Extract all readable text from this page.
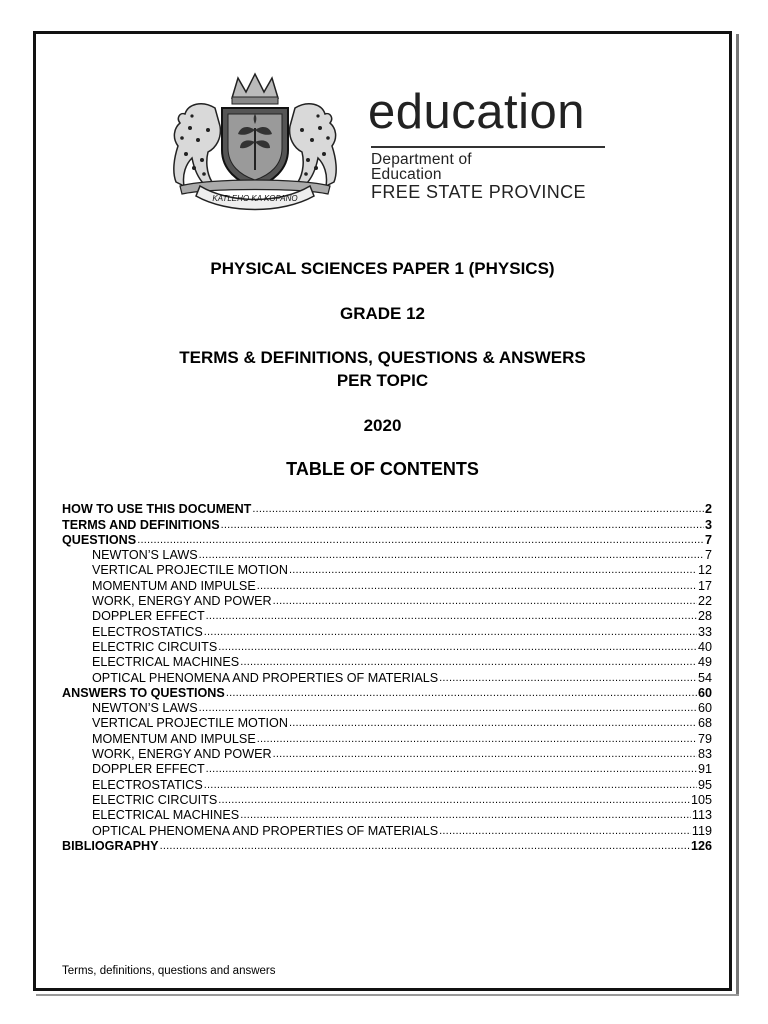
KATLEHO KA KOPANO
education
Department of
Education
FREE STATE PROVINCE
PHYSICAL SCIENCES PAPER 1 (PHYSICS)
GRADE 12
TERMS & DEFINITIONS, QUESTIONS & ANSWERS
PER TOPIC
2020
TABLE OF CONTENTS
HOW TO USE THIS DOCUMENT .....	2
TERMS AND DEFINITIONS .....	3
QUESTIONS .....	7
NEWTON’S LAWS .....	7
VERTICAL PROJECTILE MOTION .....	12
MOMENTUM AND IMPULSE .....	17
WORK, ENERGY AND POWER .....	22
DOPPLER EFFECT .....	28
ELECTROSTATICS .....	33
ELECTRIC CIRCUITS .....	40
ELECTRICAL MACHINES .....	49
OPTICAL PHENOMENA AND PROPERTIES OF MATERIALS .....	54
ANSWERS TO QUESTIONS .....	60
NEWTON’S LAWS .....	60
VERTICAL PROJECTILE MOTION .....	68
MOMENTUM AND IMPULSE .....	79
WORK, ENERGY AND POWER .....	83
DOPPLER EFFECT .....	91
ELECTROSTATICS .....	95
ELECTRIC CIRCUITS .....	105
ELECTRICAL MACHINES .....	113
OPTICAL PHENOMENA AND PROPERTIES OF MATERIALS .....	119
BIBLIOGRAPHY .....	126
Terms, definitions, questions and answers
